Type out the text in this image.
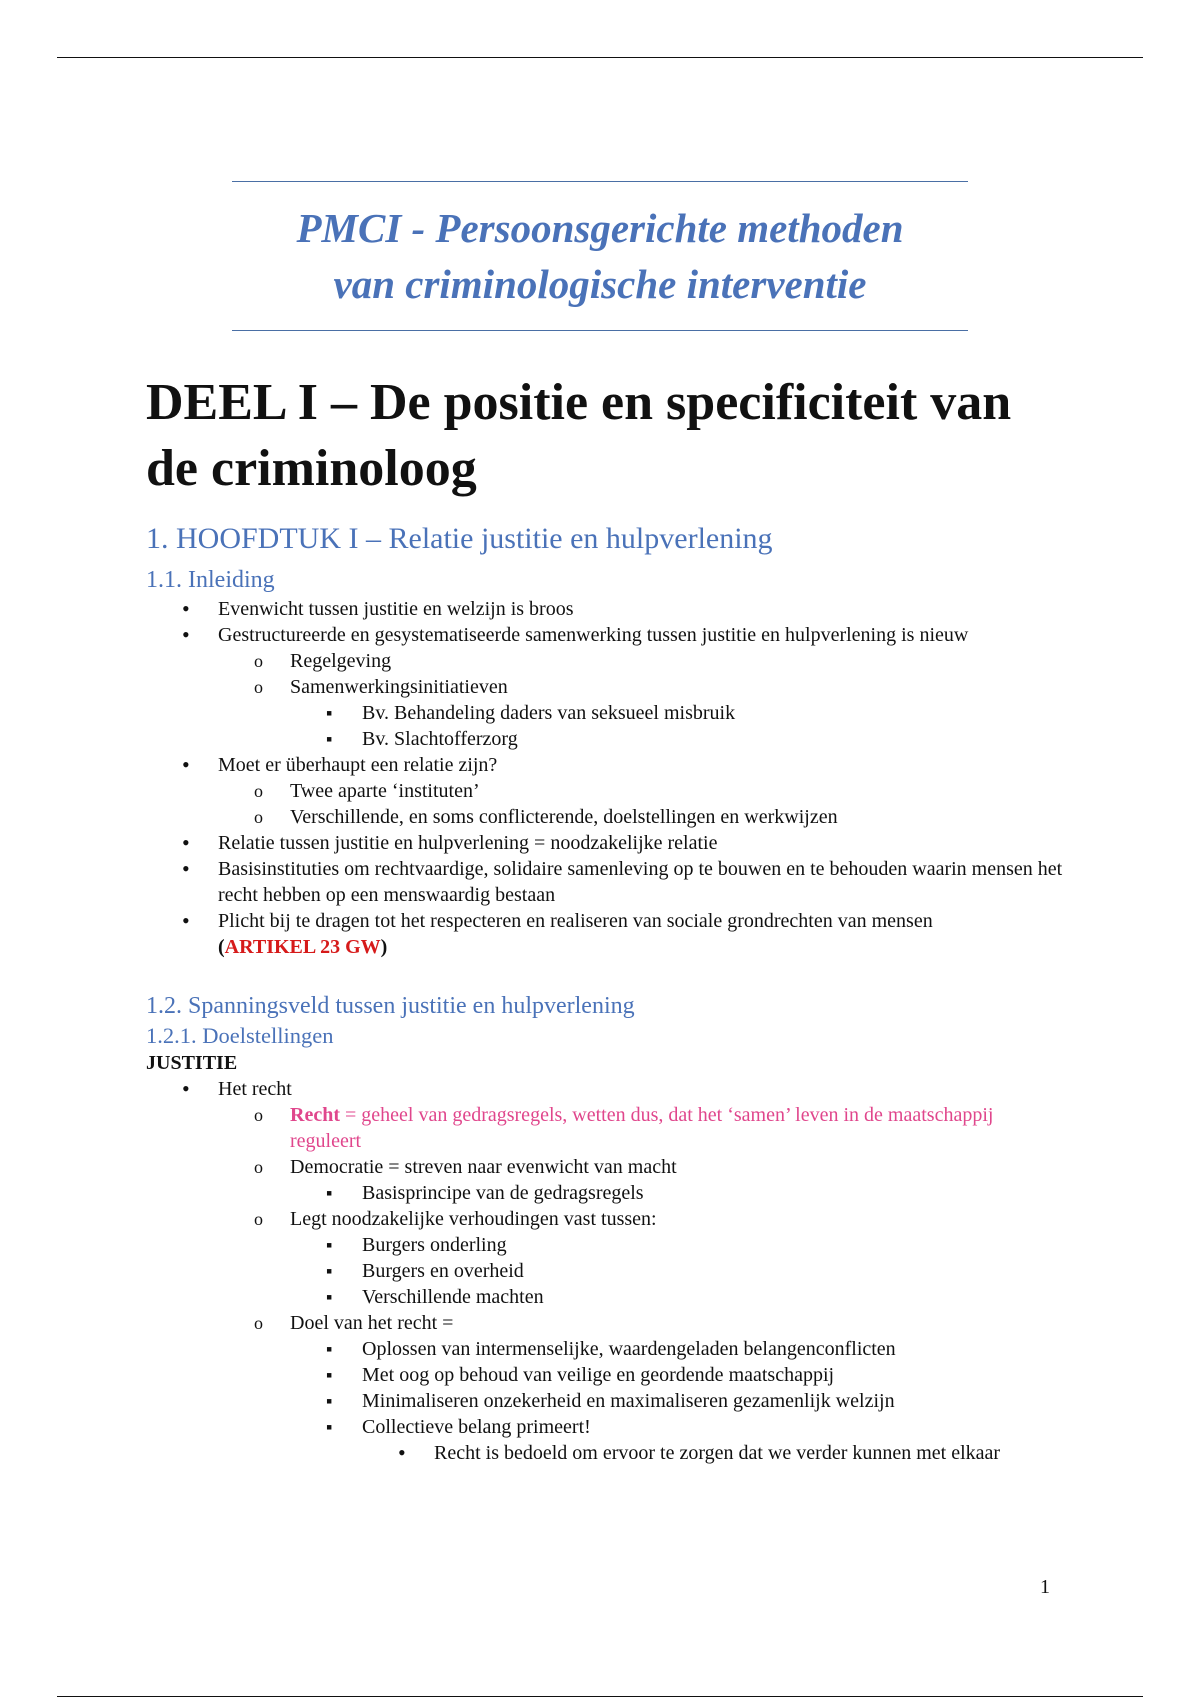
PMCI - Persoonsgerichte methoden
van criminologische interventie
DEEL I – De positie en specificiteit van
de criminoloog
1. HOOFDTUK I – Relatie justitie en hulpverlening
1.1. Inleiding
•
Evenwicht tussen justitie en welzijn is broos
•
Gestructureerde en gesystematiseerde samenwerking tussen justitie en hulpverlening is nieuw
o
Regelgeving
o
Samenwerkingsinitiatieven
▪
Bv. Behandeling daders van seksueel misbruik
▪
Bv. Slachtofferzorg
•
Moet er überhaupt een relatie zijn?
o
Twee aparte ‘instituten’
o
Verschillende, en soms conflicterende, doelstellingen en werkwijzen
•
Relatie tussen justitie en hulpverlening = noodzakelijke relatie
•
Basisinstituties om rechtvaardige, solidaire samenleving op te bouwen en te behouden waarin mensen het recht hebben op een menswaardig bestaan
•
Plicht bij te dragen tot het respecteren en realiseren van sociale grondrechten van mensen
(ARTIKEL 23 GW)
1.2. Spanningsveld tussen justitie en hulpverlening
1.2.1. Doelstellingen

JUSTITIE

•
Het recht
o
Recht = geheel van gedragsregels, wetten dus, dat het ‘samen’ leven in de maatschappij reguleert
o
Democratie = streven naar evenwicht van macht
▪
Basisprincipe van de gedragsregels
o
Legt noodzakelijke verhoudingen vast tussen:
▪
Burgers onderling
▪
Burgers en overheid
▪
Verschillende machten
o
Doel van het recht =
▪
Oplossen van intermenselijke, waardengeladen belangenconflicten
▪
Met oog op behoud van veilige en geordende maatschappij
▪
Minimaliseren onzekerheid en maximaliseren gezamenlijk welzijn
▪
Collectieve belang primeert!
•
Recht is bedoeld om ervoor te zorgen dat we verder kunnen met elkaar
1
